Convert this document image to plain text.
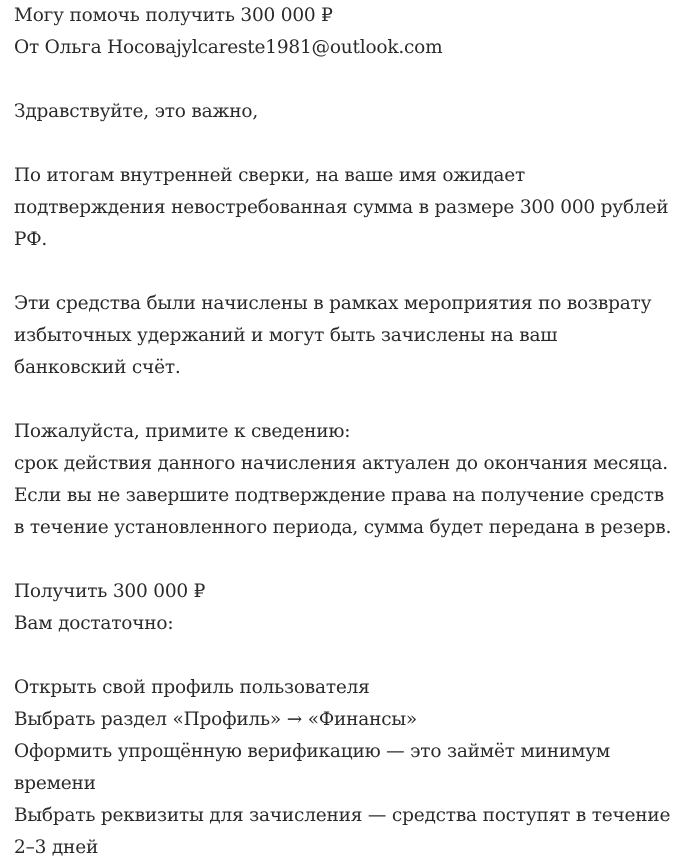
Могу помочь получить 300 000 ₽
От Ольга Носовajylcareste1981@outlook.com
Здравствуйте, это важно,
По итогам внутренней сверки, на ваше имя ожидает
подтверждения невостребованная сумма в размере 300 000 рублей
РФ.
Эти средства были начислены в рамках мероприятия по возврату
избыточных удержаний и могут быть зачислены на ваш
банковский счёт.
Пожалуйста, примите к сведению:
срок действия данного начисления актуален до окончания месяца.
Если вы не завершите подтверждение права на получение средств
в течение установленного периода, сумма будет передана в резерв.
Получить 300 000 ₽
Вам достаточно:
Открыть свой профиль пользователя
Выбрать раздел «Профиль» → «Финансы»
Оформить упрощённую верификацию — это займёт минимум
времени
Выбрать реквизиты для зачисления — средства поступят в течение
2–3 дней
